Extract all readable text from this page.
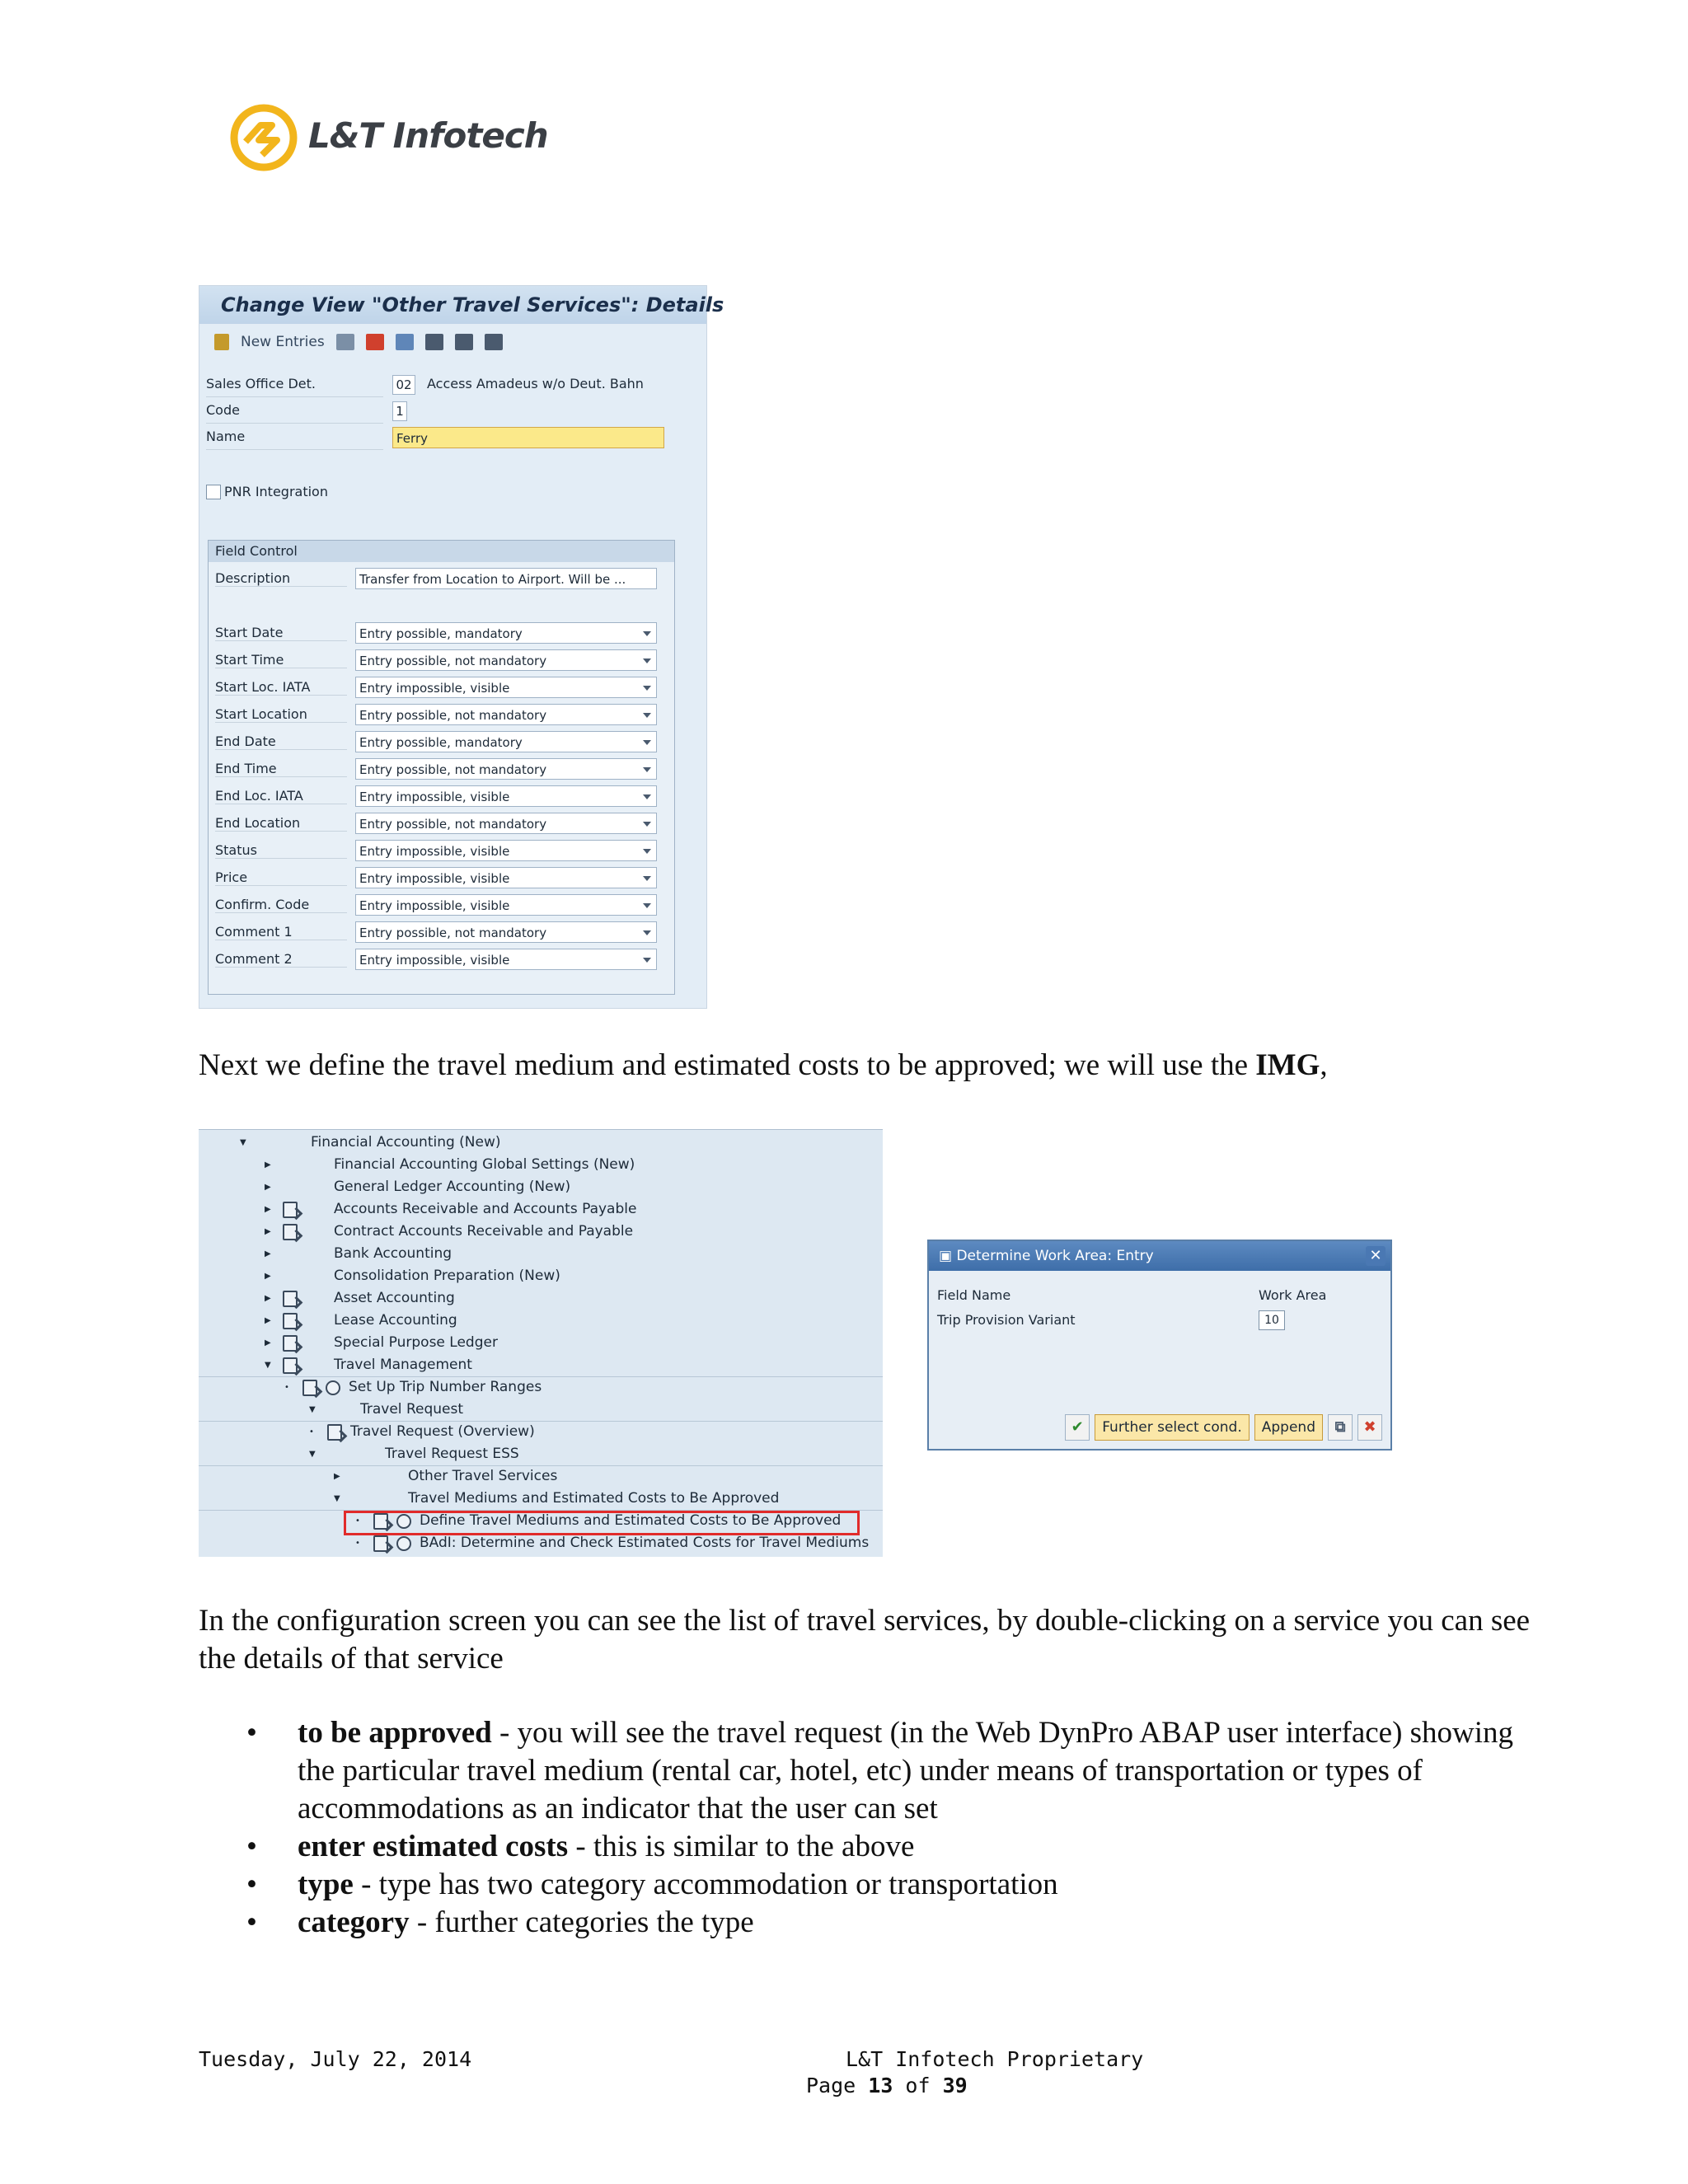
L&T Infotech
Change View "Other Travel Services": Details
New Entries
Sales Office Det.	02 Access Amadeus w/o Deut. Bahn
Code	1
Name	Ferry
PNR Integration
Field Control
Description	Transfer from Location to Airport. Will be ...
Start Date	Entry possible, mandatory
Start Time	Entry possible, not mandatory
Start Loc. IATA	Entry impossible, visible
Start Location	Entry possible, not mandatory
End Date	Entry possible, mandatory
End Time	Entry possible, not mandatory
End Loc. IATA	Entry impossible, visible
End Location	Entry possible, not mandatory
Status	Entry impossible, visible
Price	Entry impossible, visible
Confirm. Code	Entry impossible, visible
Comment 1	Entry possible, not mandatory
Comment 2	Entry impossible, visible
Next we define the travel medium and estimated costs to be approved; we will use the IMG,
▼	Financial Accounting (New)
▶	Financial Accounting Global Settings (New)
▶	General Ledger Accounting (New)
▶	Accounts Receivable and Accounts Payable
▶	Contract Accounts Receivable and Payable
▶	Bank Accounting
▶	Consolidation Preparation (New)
▶	Asset Accounting
▶	Lease Accounting
▶	Special Purpose Ledger
▼	Travel Management
•	Set Up Trip Number Ranges
▼	Travel Request
•	Travel Request (Overview)
▼	Travel Request ESS
▶	Other Travel Services
▼	Travel Mediums and Estimated Costs to Be Approved
•	Define Travel Mediums and Estimated Costs to Be Approved
•	BAdI: Determine and Check Estimated Costs for Travel Mediums
▣ Determine Work Area: Entry	✕
Field Name	Work Area
Trip Provision Variant	10
✔	Further select cond.	Append	⧉	✖
In the configuration screen you can see the list of travel services, by double-clicking on a service you can see the details of that service
• to be approved - you will see the travel request (in the Web DynPro ABAP user interface) showing the particular travel medium (rental car, hotel, etc) under means of transportation or types of accommodations as an indicator that the user can set
• enter estimated costs - this is similar to the above
• type - type has two category accommodation or transportation
• category - further categories the type
Tuesday, July 22, 2014	L&T Infotech Proprietary
Page 13 of 39
